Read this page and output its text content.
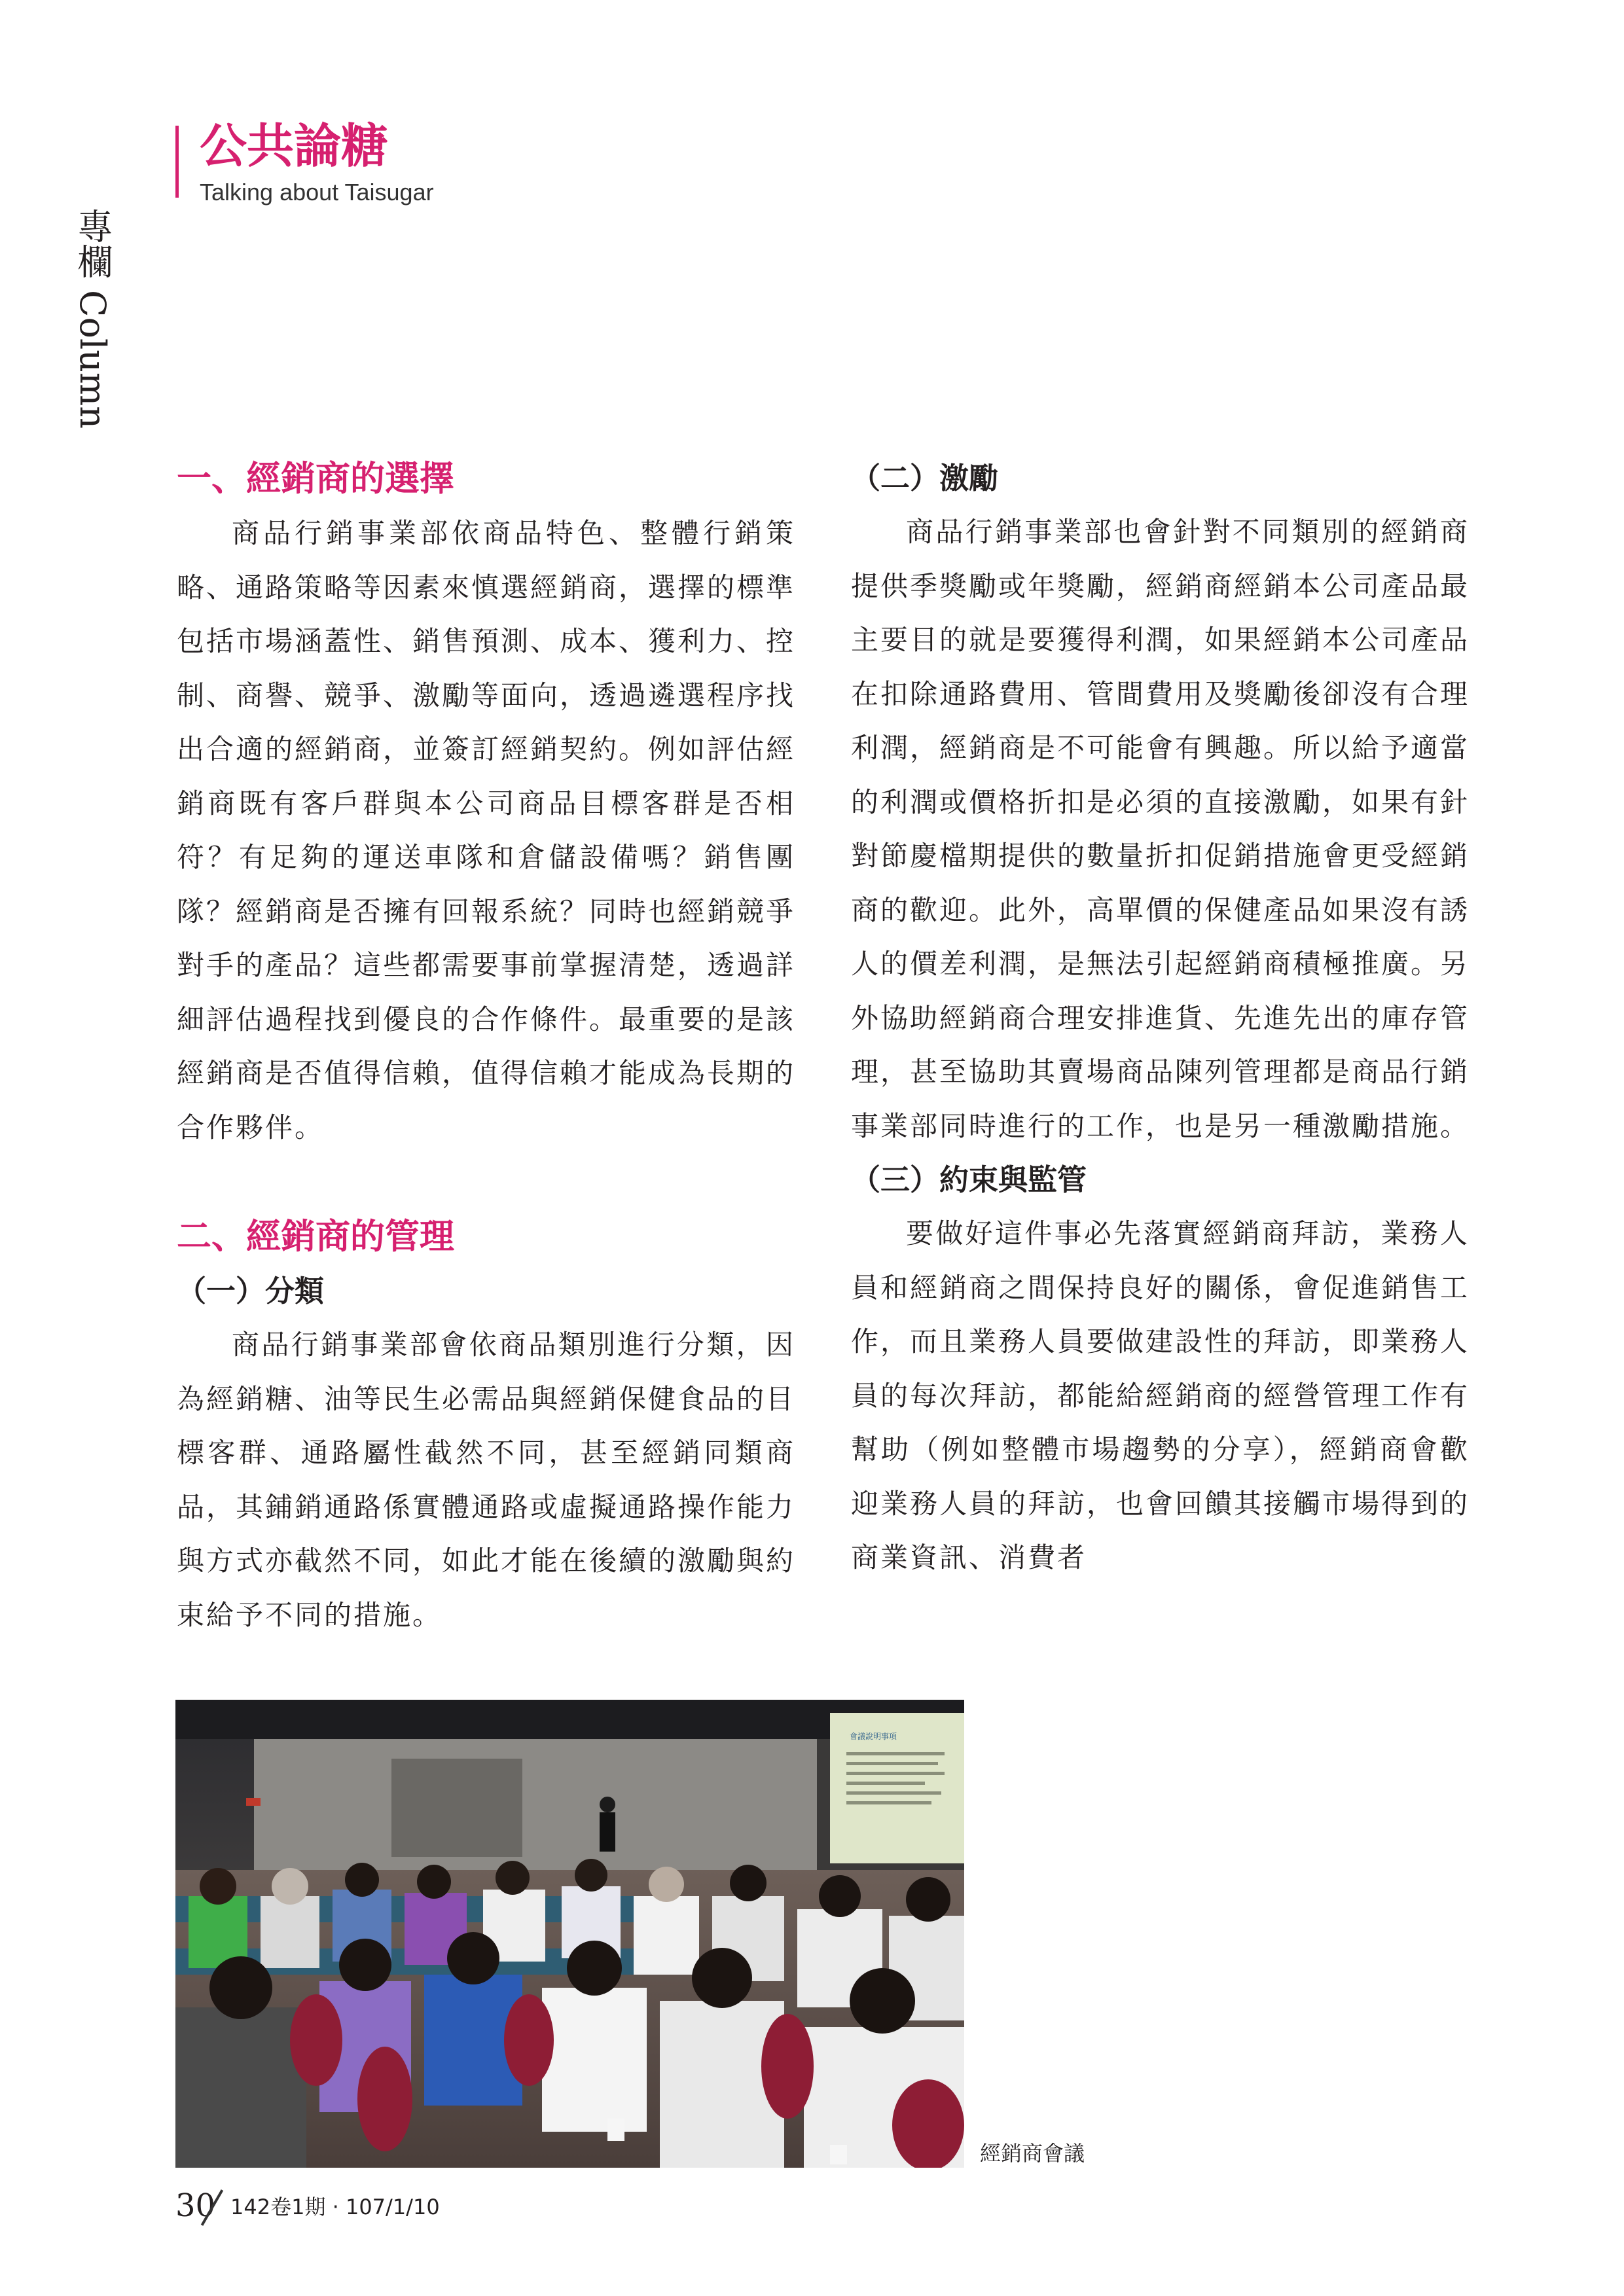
公共論糖
Talking about Taisugar
專欄 Column
一、經銷商的選擇

商品行銷事業部依商品特色、整體行銷策略、通路策略等因素來慎選經銷商，選擇的標準包括市場涵蓋性、銷售預測、成本、獲利力、控制、商譽、競爭、激勵等面向，透過遴選程序找出合適的經銷商，並簽訂經銷契約。例如評估經銷商既有客戶群與本公司商品目標客群是否相符？有足夠的運送車隊和倉儲設備嗎？銷售團隊？經銷商是否擁有回報系統？同時也經銷競爭對手的產品？這些都需要事前掌握清楚，透過詳細評估過程找到優良的合作條件。最重要的是該經銷商是否值得信賴，值得信賴才能成為長期的合作夥伴。

二、經銷商的管理
（一）分類

商品行銷事業部會依商品類別進行分類，因為經銷糖、油等民生必需品與經銷保健食品的目標客群、通路屬性截然不同，甚至經銷同類商品，其鋪銷通路係實體通路或虛擬通路操作能力與方式亦截然不同，如此才能在後續的激勵與約束給予不同的措施。

（二）激勵

商品行銷事業部也會針對不同類別的經銷商提供季獎勵或年獎勵，經銷商經銷本公司產品最主要目的就是要獲得利潤，如果經銷本公司產品在扣除通路費用、管間費用及獎勵後卻沒有合理利潤，經銷商是不可能會有興趣。所以給予適當的利潤或價格折扣是必須的直接激勵，如果有針對節慶檔期提供的數量折扣促銷措施會更受經銷商的歡迎。此外，高單價的保健產品如果沒有誘人的價差利潤，是無法引起經銷商積極推廣。另外協助經銷商合理安排進貨、先進先出的庫存管理，甚至協助其賣場商品陳列管理都是商品行銷事業部同時進行的工作，也是另一種激勵措施。

（三）約束與監管

要做好這件事必先落實經銷商拜訪，業務人員和經銷商之間保持良好的關係，會促進銷售工作，而且業務人員要做建設性的拜訪，即業務人員的每次拜訪，都能給經銷商的經營管理工作有幫助（例如整體市場趨勢的分享），經銷商會歡迎業務人員的拜訪，也會回饋其接觸市場得到的商業資訊、消費者

會議說明事項
經銷商會議
30 142卷1期 ‧ 107/1/10
